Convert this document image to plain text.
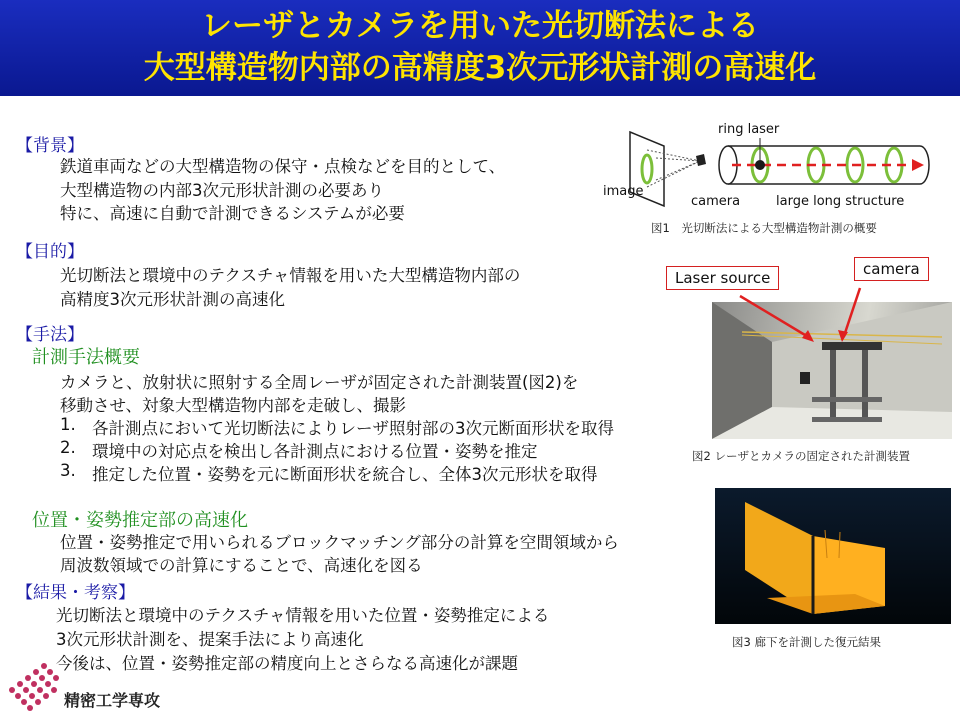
レーザとカメラを用いた光切断法による
大型構造物内部の高精度3次元形状計測の高速化
【背景】
鉄道車両などの大型構造物の保守・点検などを目的として、
大型構造物の内部3次元形状計測の必要あり
特に、高速に自動で計測できるシステムが必要
【目的】
光切断法と環境中のテクスチャ情報を用いた大型構造物内部の
高精度3次元形状計測の高速化
【手法】
計測手法概要
カメラと、放射状に照射する全周レーザが固定された計測装置(図2)を
移動させ、対象大型構造物内部を走破し、撮影
1. 各計測点において光切断法によりレーザ照射部の3次元断面形状を取得
2. 環境中の対応点を検出し各計測点における位置・姿勢を推定
3. 推定した位置・姿勢を元に断面形状を統合し、全体3次元形状を取得
位置・姿勢推定部の高速化
位置・姿勢推定で用いられるブロックマッチング部分の計算を空間領域から
周波数領域での計算にすることで、高速化を図る
【結果・考察】
光切断法と環境中のテクスチャ情報を用いた位置・姿勢推定による
3次元形状計測を、提案手法により高速化
今後は、位置・姿勢推定部の精度向上とさらなる高速化が課題
ring laser
image
camera	large long structure
図1　光切断法による大型構造物計測の概要
Laser source	camera
図2 レーザとカメラの固定された計測装置
図3 廊下を計測した復元結果
精密工学専攻
